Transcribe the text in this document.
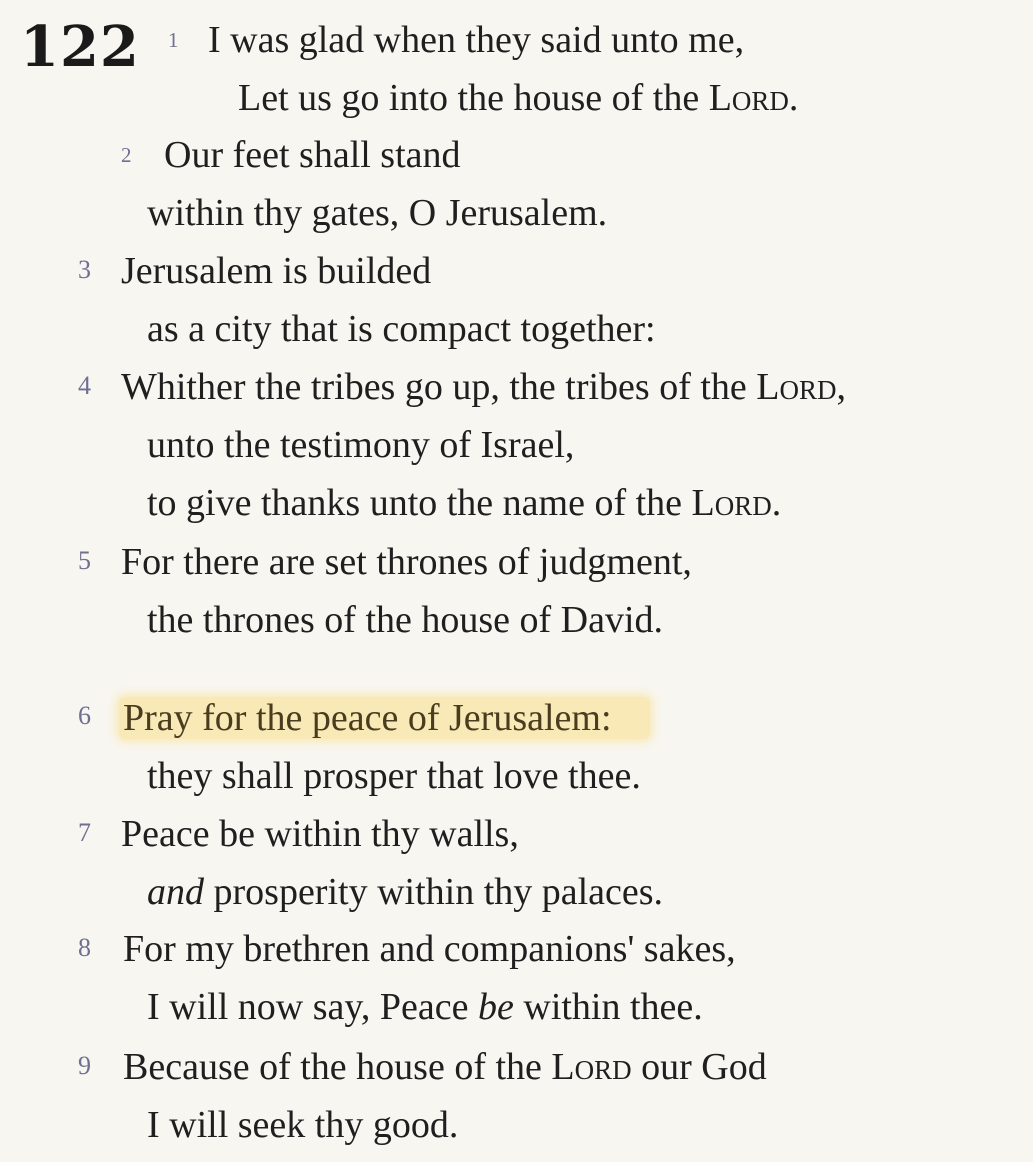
122 1 I was glad when they said unto me,
Let us go into the house of the Lord.
2 Our feet shall stand
within thy gates, O Jerusalem.
3 Jerusalem is builded
as a city that is compact together:
4 Whither the tribes go up, the tribes of the Lord,
unto the testimony of Israel,
to give thanks unto the name of the Lord.
5 For there are set thrones of judgment,
the thrones of the house of David.
6 Pray for the peace of Jerusalem:
they shall prosper that love thee.
7 Peace be within thy walls,
and prosperity within thy palaces.
8 For my brethren and companions' sakes,
I will now say, Peace be within thee.
9 Because of the house of the Lord our God
I will seek thy good.
